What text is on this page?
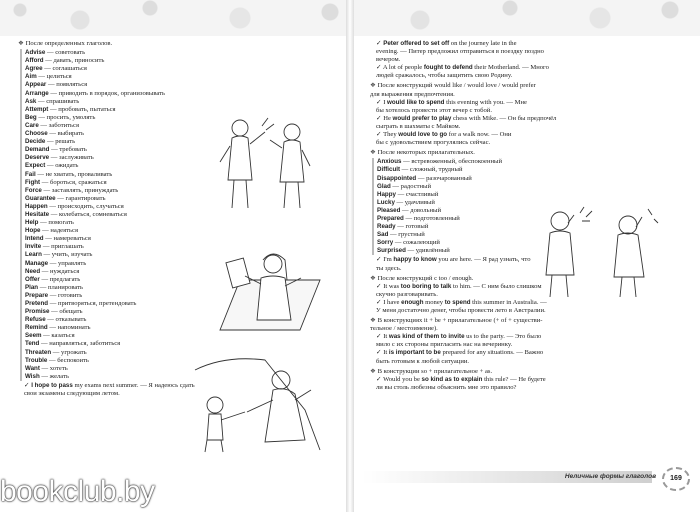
❖ После определенных глаголов.
Advise — советовать
Afford — давать, приносить
Agree — соглашаться
Aim — целиться
Appear — появляться
Arrange — приводить в порядок, организовывать
Ask — спрашивать
Attempt — пробовать, пытаться
Beg — просить, умолять
Care — заботиться
Choose — выбирать
Decide — решать
Demand — требовать
Deserve — заслуживать
Expect — ожидать
Fail — не хватать, проваливать
Fight — бороться, сражаться
Force — заставлять, принуждать
Guarantee — гарантировать
Happen — происходить, случаться
Hesitate — колебаться, сомневаться
Help — помогать
Hope — надеяться
Intend — намереваться
Invite — приглашать
Learn — учить, изучать
Manage — управлять
Need — нуждаться
Offer — предлагать
Plan — планировать
Prepare — готовить
Pretend — притворяться, претендовать
Promise — обещать
Refuse — отказывать
Remind — напоминать
Seem — казаться
Tend — направляться, заботиться
Threaten — угрожать
Trouble — беспокоить
Want — хотеть
Wish — желать
✓ I hope to pass my exams next summer. — Я надеюсь сдать
свои экзамены следующим летом.
✓ Peter offered to set off on the journey late in the
evening. — Питер предложил отправиться в поездку поздно
вечером.
✓ A lot of people fought to defend their Motherland. — Много
людей сражалось, чтобы защитить свою Родину.
❖ После конструкций would like / would love / would prefer
для выражения предпочтения.
✓ I would like to spend this evening with you. — Мне
бы хотелось провести этот вечер с тобой.
✓ He would prefer to play chess with Mike. — Он бы предпочёл
сыграть в шахматы с Майком.
✓ They would love to go for a walk now. — Они
бы с удовольствием прогулялись сейчас.
❖ После некоторых прилагательных.
Anxious — встревоженный, обеспокоенный
Difficult — сложный, трудный
Disappointed — разочарованный
Glad — радостный
Happy — счастливый
Lucky — удачливый
Pleased — довольный
Prepared — подготовленный
Ready — готовый
Sad — грустный
Sorry — сожалеющий
Surprised — удивлённый
✓ I'm happy to know you are here. — Я рад узнать, что
ты здесь.
❖ После конструкций с too / enough.
✓ It was too boring to talk to him. — С ним было слишком
скучно разговаривать.
✓ I have enough money to spend this summer in Australia. —
У меня достаточно денег, чтобы провести лето в Австралии.
❖ В конструкциях it + be + прилагательное (+ of + существи-
тельное / местоимение).
✓ It was kind of them to invite us to the party. — Это было
мило с их стороны пригласить нас на вечеринку.
✓ It is important to be prepared for any situations. — Важно
быть готовым к любой ситуации.
❖ В конструкции so + прилагательное + as.
✓ Would you be so kind as to explain this rule? — Не будете
ли вы столь любезны объяснить мне это правило?
Неличные формы глаголов	169
bookclub.by
